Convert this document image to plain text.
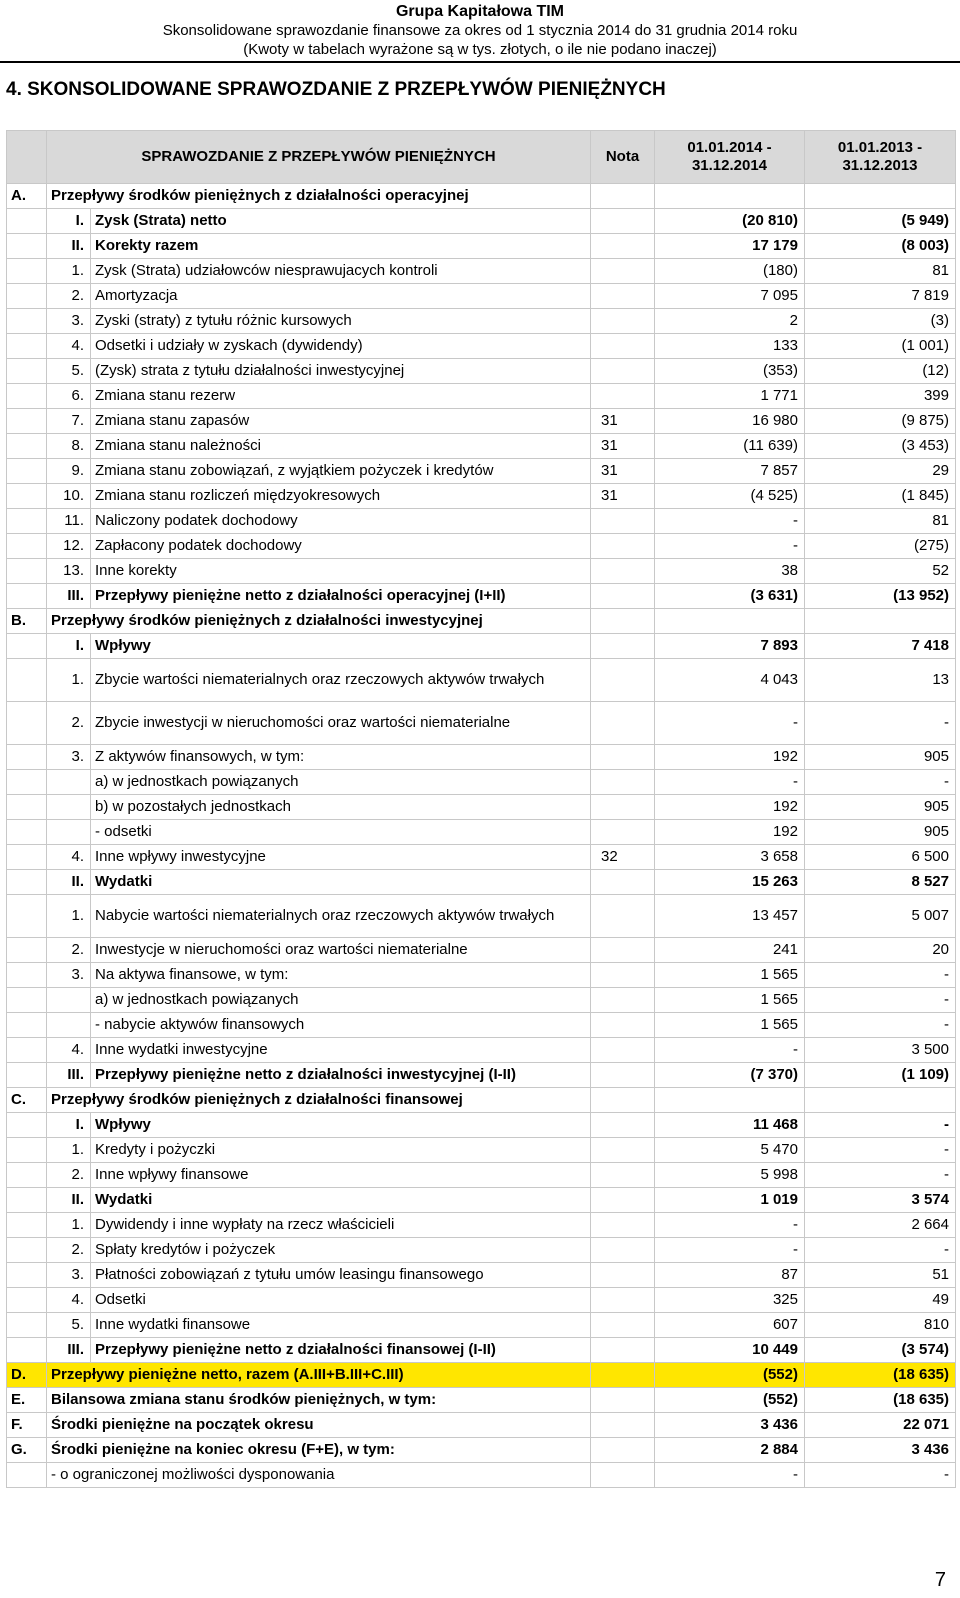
Grupa Kapitałowa TIM
Skonsolidowane sprawozdanie finansowe za okres od 1 stycznia 2014 do 31 grudnia 2014 roku
(Kwoty w tabelach wyrażone są w tys. złotych, o ile nie podano inaczej)
4. SKONSOLIDOWANE SPRAWOZDANIE Z PRZEPŁYWÓW PIENIĘŻNYCH
	SPRAWOZDANIE Z PRZEPŁYWÓW PIENIĘŻNYCH		Nota	01.01.2014 - 31.12.2014	01.01.2013 - 31.12.2013
A.	Przepływy środków pieniężnych z działalności operacyjnej				
	I.	Zysk (Strata) netto		(20 810)	(5 949)
	II.	Korekty razem		17 179	(8 003)
	1.	Zysk (Strata) udziałowców niesprawujacych kontroli		(180)	81
	2.	Amortyzacja		7 095	7 819
	3.	Zyski (straty) z tytułu różnic kursowych		2	(3)
	4.	Odsetki i udziały w zyskach (dywidendy)		133	(1 001)
	5.	(Zysk) strata z tytułu działalności inwestycyjnej		(353)	(12)
	6.	Zmiana stanu rezerw		1 771	399
	7.	Zmiana stanu zapasów	31	16 980	(9 875)
	8.	Zmiana stanu należności	31	(11 639)	(3 453)
	9.	Zmiana stanu zobowiązań, z wyjątkiem pożyczek i kredytów	31	7 857	29
	10.	Zmiana stanu rozliczeń międzyokresowych	31	(4 525)	(1 845)
	11.	Naliczony podatek dochodowy		-	81
	12.	Zapłacony podatek dochodowy		-	(275)
	13.	Inne korekty		38	52
	III.	Przepływy pieniężne netto z działalności operacyjnej (I+II)		(3 631)	(13 952)
B.	Przepływy środków pieniężnych z działalności inwestycyjnej				
	I.	Wpływy		7 893	7 418
	1.	Zbycie wartości niematerialnych oraz rzeczowych aktywów trwałych		4 043	13
	2.	Zbycie inwestycji w nieruchomości oraz wartości niematerialne		-	-
	3.	Z aktywów finansowych, w tym:		192	905
		a) w jednostkach powiązanych		-	-
		b) w pozostałych jednostkach		192	905
		- odsetki		192	905
	4.	Inne wpływy inwestycyjne	32	3 658	6 500
	II.	Wydatki		15 263	8 527
	1.	Nabycie wartości niematerialnych oraz rzeczowych aktywów trwałych		13 457	5 007
	2.	Inwestycje w nieruchomości oraz wartości niematerialne		241	20
	3.	Na aktywa finansowe, w tym:		1 565	-
		a) w jednostkach powiązanych		1 565	-
		- nabycie aktywów finansowych		1 565	-
	4.	Inne wydatki inwestycyjne		-	3 500
	III.	Przepływy pieniężne netto z działalności inwestycyjnej (I-II)		(7 370)	(1 109)
C.	Przepływy środków pieniężnych z działalności finansowej				
	I.	Wpływy		11 468	-
	1.	Kredyty i pożyczki		5 470	-
	2.	Inne wpływy finansowe		5 998	-
	II.	Wydatki		1 019	3 574
	1.	Dywidendy i inne wypłaty na rzecz właścicieli		-	2 664
	2.	Spłaty kredytów i pożyczek		-	-
	3.	Płatności zobowiązań z tytułu umów leasingu finansowego		87	51
	4.	Odsetki		325	49
	5.	Inne wydatki finansowe		607	810
	III.	Przepływy pieniężne netto z działalności finansowej (I-II)		10 449	(3 574)
D.	Przepływy pieniężne netto, razem (A.III+B.III+C.III)			(552)	(18 635)
E.	Bilansowa zmiana stanu środków pieniężnych, w tym:			(552)	(18 635)
F.	Środki pieniężne na początek okresu			3 436	22 071
G.	Środki pieniężne na koniec okresu (F+E), w tym:			2 884	3 436
	- o ograniczonej możliwości dysponowania			-	-
7
